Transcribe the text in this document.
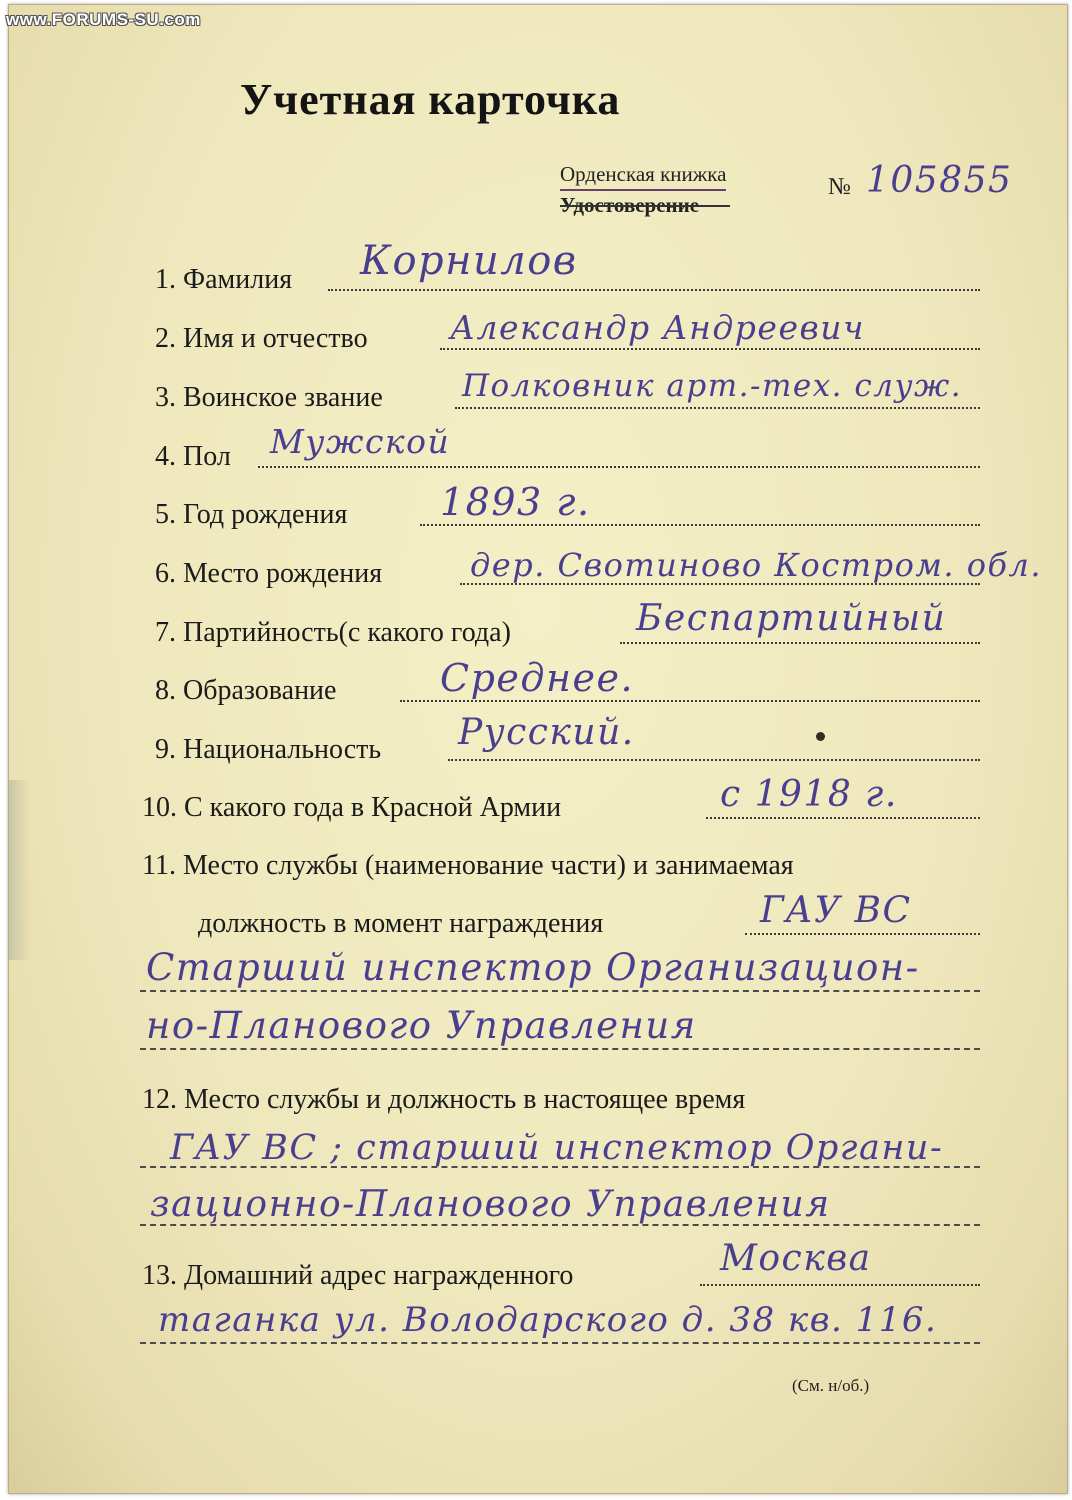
www.FORUMS-SU.com
Учетная карточка
Орденская книжка
Удостоверение
№ 105855
1. Фамилия Корнилов
2. Имя и отчество Александр Андреевич
3. Воинское звание	Полковник арт.-тех. служ.
4. Пол Мужской
5. Год рождения 1893 г.
6. Место рождения	дер. Свотиново Костром. обл.
7. Партийность(с какого года)	Беспартийный
8. Образование	Среднее.
9. Национальность Русский.
10. С какого года в Красной Армии	с 1918 г.
11. Место службы (наименование части) и занимаемая
должность в момент награждения	ГАУ ВС
Старший инспектор Организацион-
но-Планового Управления
12. Место службы и должность в настоящее время
ГАУ ВС ; старший инспектор Органи-
зационно-Планового Управления
13. Домашний адрес награжденного	Москва
таганка ул. Володарского д. 38 кв. 116.
(См. н/об.)
